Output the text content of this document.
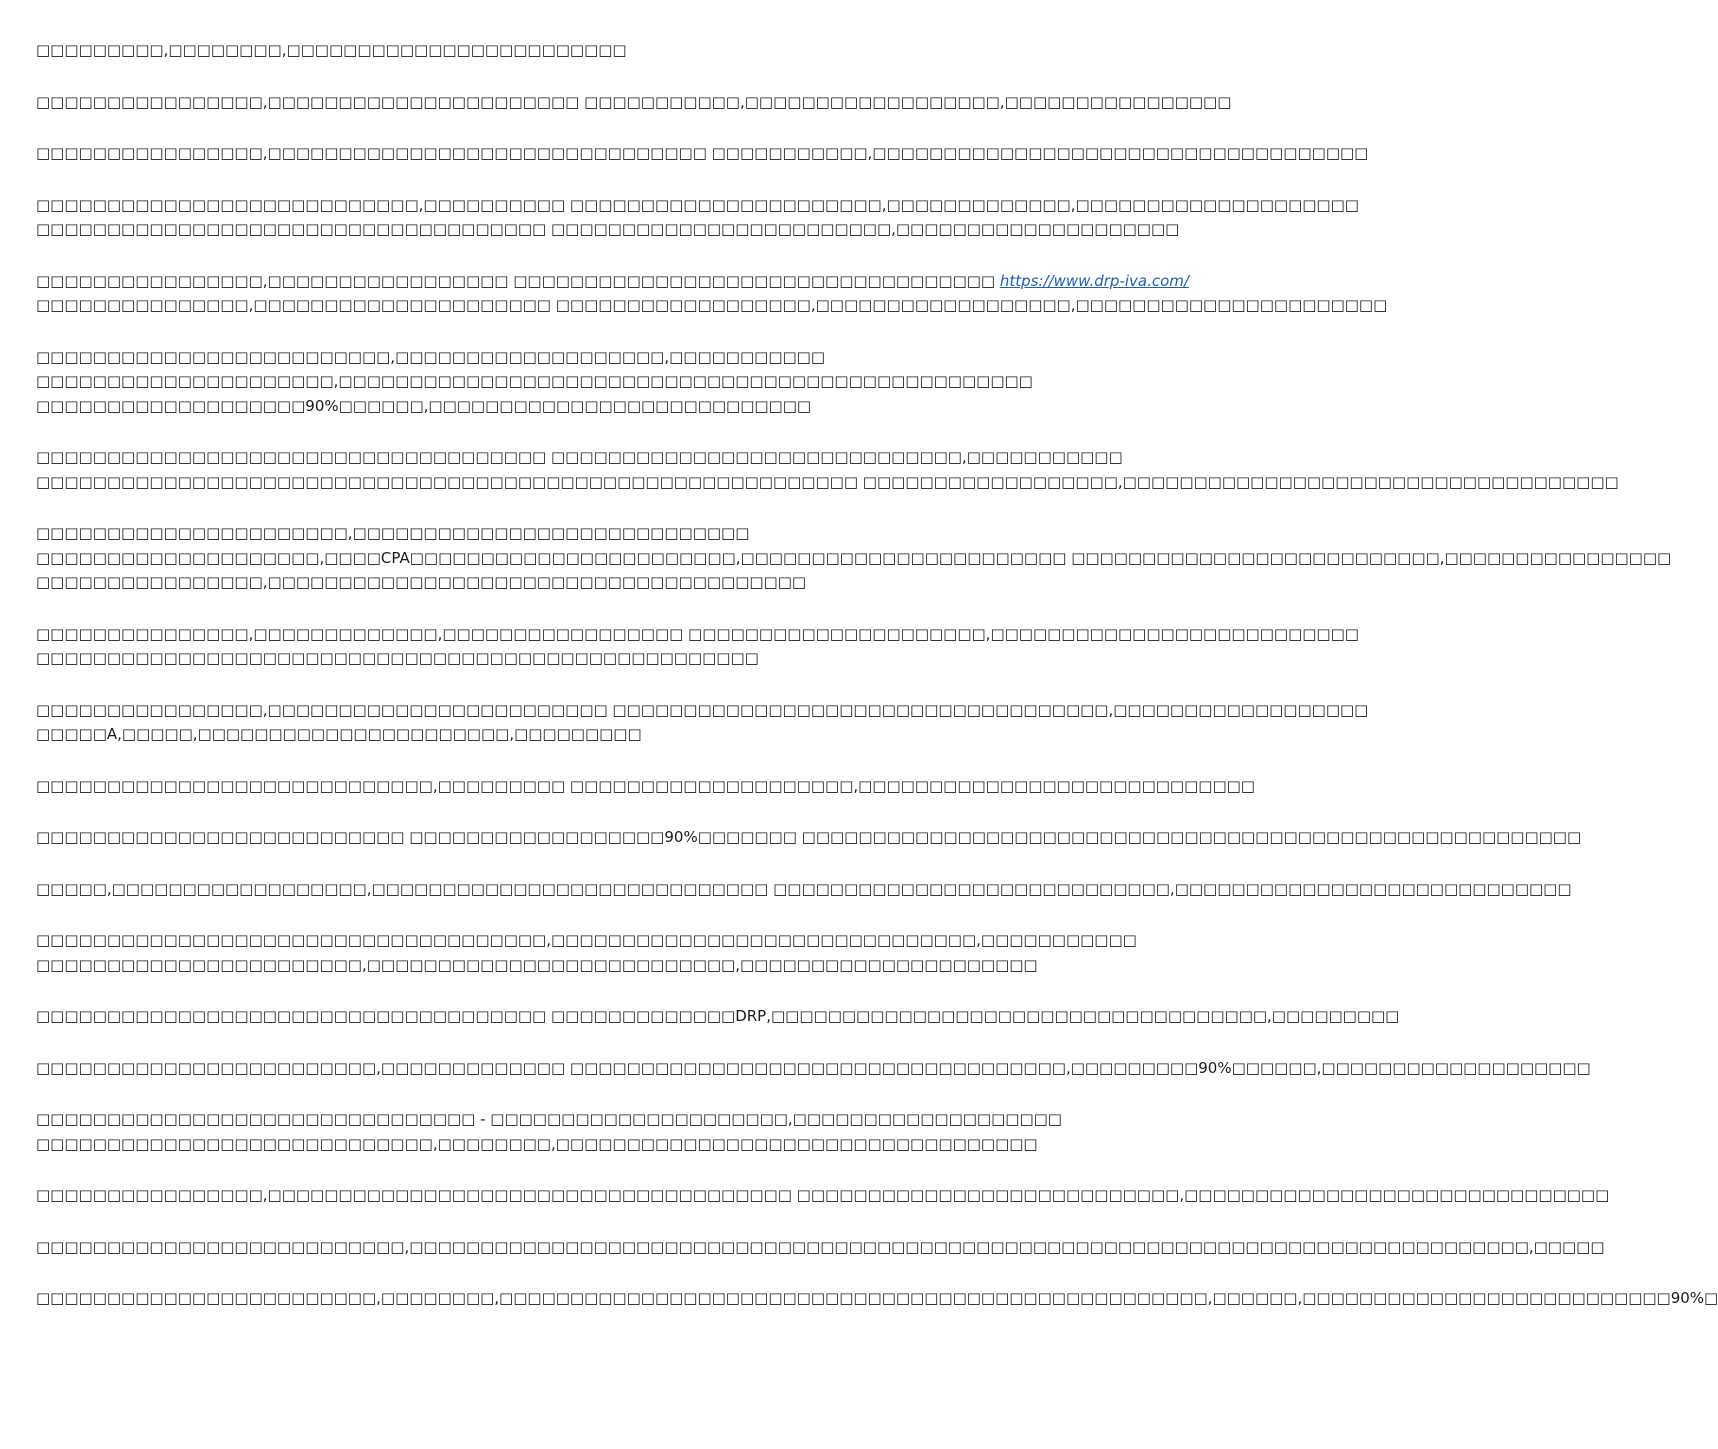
□□□□□□□□□,□□□□□□□□,□□□□□□□□□□□□□□□□□□□□□□□□
□□□□□□□□□□□□□□□□,□□□□□□□□□□□□□□□□□□□□□□ □□□□□□□□□□□,□□□□□□□□□□□□□□□□□□,□□□□□□□□□□□□□□□□
□□□□□□□□□□□□□□□□,□□□□□□□□□□□□□□□□□□□□□□□□□□□□□□□ □□□□□□□□□□□,□□□□□□□□□□□□□□□□□□□□□□□□□□□□□□□□□□□
□□□□□□□□□□□□□□□□□□□□□□□□□□□,□□□□□□□□□□ □□□□□□□□□□□□□□□□□□□□□□,□□□□□□□□□□□□□,□□□□□□□□□□□□□□□□□□□□
□□□□□□□□□□□□□□□□□□□□□□□□□□□□□□□□□□□□ □□□□□□□□□□□□□□□□□□□□□□□□,□□□□□□□□□□□□□□□□□□□□
□□□□□□□□□□□□□□□□,□□□□□□□□□□□□□□□□□ □□□□□□□□□□□□□□□□□□□□□□□□□□□□□□□□□□ https://www.drp-iva.com/
□□□□□□□□□□□□□□□,□□□□□□□□□□□□□□□□□□□□□ □□□□□□□□□□□□□□□□□□,□□□□□□□□□□□□□□□□□□,□□□□□□□□□□□□□□□□□□□□□□
□□□□□□□□□□□□□□□□□□□□□□□□□,□□□□□□□□□□□□□□□□□□□,□□□□□□□□□□□
□□□□□□□□□□□□□□□□□□□□□,□□□□□□□□□□□□□□□□□□□□□□□□□□□□□□□□□□□□□□□□□□□□□□□□□
□□□□□□□□□□□□□□□□□□□90%□□□□□□,□□□□□□□□□□□□□□□□□□□□□□□□□□□
□□□□□□□□□□□□□□□□□□□□□□□□□□□□□□□□□□□□ □□□□□□□□□□□□□□□□□□□□□□□□□□□□□,□□□□□□□□□□□
□□□□□□□□□□□□□□□□□□□□□□□□□□□□□□□□□□□□□□□□□□□□□□□□□□□□□□□□□□ □□□□□□□□□□□□□□□□□□,□□□□□□□□□□□□□□□□□□□□□□□□□□□□□□□□□□□
□□□□□□□□□□□□□□□□□□□□□□,□□□□□□□□□□□□□□□□□□□□□□□□□□□□
□□□□□□□□□□□□□□□□□□□□,□□□□CPA□□□□□□□□□□□□□□□□□□□□□□□,□□□□□□□□□□□□□□□□□□□□□□□ □□□□□□□□□□□□□□□□□□□□□□□□□□,□□□□□□□□□□□□□□□□
□□□□□□□□□□□□□□□□,□□□□□□□□□□□□□□□□□□□□□□□□□□□□□□□□□□□□□□
□□□□□□□□□□□□□□□,□□□□□□□□□□□□□,□□□□□□□□□□□□□□□□□ □□□□□□□□□□□□□□□□□□□□□,□□□□□□□□□□□□□□□□□□□□□□□□□□
□□□□□□□□□□□□□□□□□□□□□□□□□□□□□□□□□□□□□□□□□□□□□□□□□□□
□□□□□□□□□□□□□□□□,□□□□□□□□□□□□□□□□□□□□□□□□ □□□□□□□□□□□□□□□□□□□□□□□□□□□□□□□□□□□,□□□□□□□□□□□□□□□□□□
□□□□□A,□□□□□,□□□□□□□□□□□□□□□□□□□□□□,□□□□□□□□□
□□□□□□□□□□□□□□□□□□□□□□□□□□□□,□□□□□□□□□ □□□□□□□□□□□□□□□□□□□□,□□□□□□□□□□□□□□□□□□□□□□□□□□□□
□□□□□□□□□□□□□□□□□□□□□□□□□□ □□□□□□□□□□□□□□□□□□90%□□□□□□□ □□□□□□□□□□□□□□□□□□□□□□□□□□□□□□□□□□□□□□□□□□□□□□□□□□□□□□□
□□□□□,□□□□□□□□□□□□□□□□□□,□□□□□□□□□□□□□□□□□□□□□□□□□□□□ □□□□□□□□□□□□□□□□□□□□□□□□□□□□,□□□□□□□□□□□□□□□□□□□□□□□□□□□□
□□□□□□□□□□□□□□□□□□□□□□□□□□□□□□□□□□□□,□□□□□□□□□□□□□□□□□□□□□□□□□□□□□□,□□□□□□□□□□□
□□□□□□□□□□□□□□□□□□□□□□□,□□□□□□□□□□□□□□□□□□□□□□□□□□,□□□□□□□□□□□□□□□□□□□□□
□□□□□□□□□□□□□□□□□□□□□□□□□□□□□□□□□□□□ □□□□□□□□□□□□□DRP,□□□□□□□□□□□□□□□□□□□□□□□□□□□□□□□□□□□,□□□□□□□□□
□□□□□□□□□□□□□□□□□□□□□□□□,□□□□□□□□□□□□□ □□□□□□□□□□□□□□□□□□□□□□□□□□□□□□□□□□□,□□□□□□□□□90%□□□□□□,□□□□□□□□□□□□□□□□□□□
□□□□□□□□□□□□□□□□□□□□□□□□□□□□□□□ - □□□□□□□□□□□□□□□□□□□□□,□□□□□□□□□□□□□□□□□□□
□□□□□□□□□□□□□□□□□□□□□□□□□□□□,□□□□□□□□,□□□□□□□□□□□□□□□□□□□□□□□□□□□□□□□□□□
□□□□□□□□□□□□□□□□,□□□□□□□□□□□□□□□□□□□□□□□□□□□□□□□□□□□□□ □□□□□□□□□□□□□□□□□□□□□□□□□□□,□□□□□□□□□□□□□□□□□□□□□□□□□□□□□□
□□□□□□□□□□□□□□□□□□□□□□□□□□,□□□□□□□□□□□□□□□□□□□□□□□□□□□□□□□□□□□□□□□□□□□□□□□□□□□□□□□□□□□□□□□□□□□□□□□□□□□□□□□,□□□□□
□□□□□□□□□□□□□□□□□□□□□□□□,□□□□□□□□,□□□□□□□□□□□□□□□□□□□□□□□□□□□□□□□□□□□□□□□□□□□□□□□□□□,□□□□□□,□□□□□□□□□□□□□□□□□□□□□□□□□□90%□
